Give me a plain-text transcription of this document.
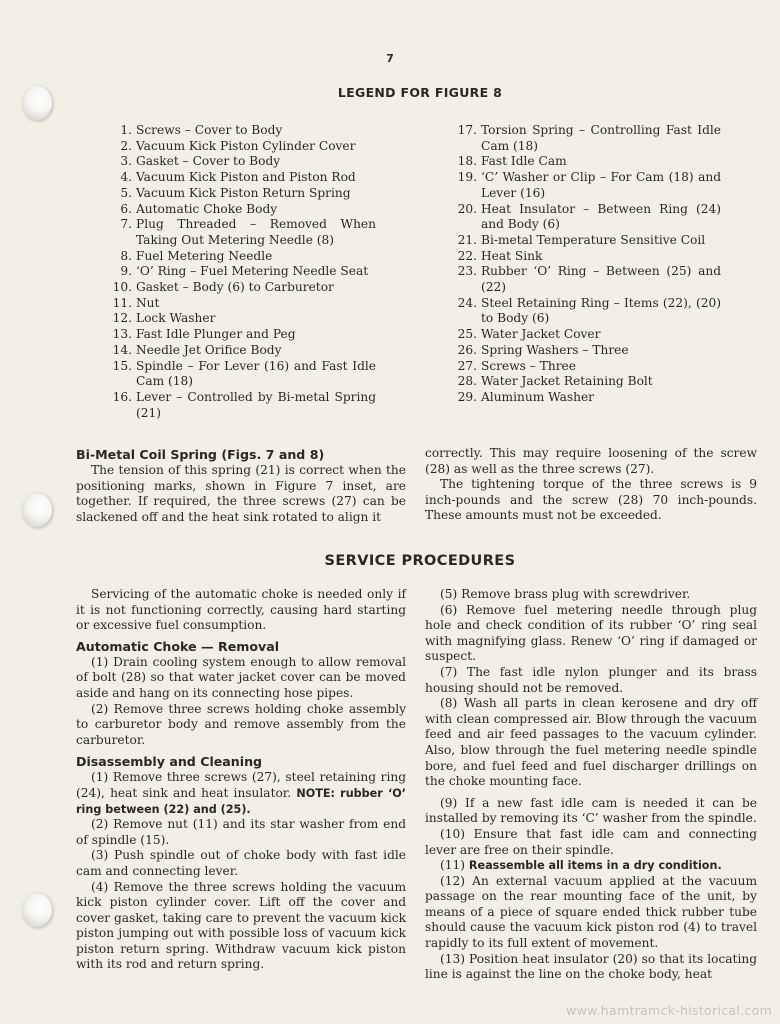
7
LEGEND FOR FIGURE 8
1. Screws – Cover to Body
2. Vacuum Kick Piston Cylinder Cover
3. Gasket – Cover to Body
4. Vacuum Kick Piston and Piston Rod
5. Vacuum Kick Piston Return Spring
6. Automatic Choke Body
7. Plug Threaded – Removed When Taking Out Metering Needle (8)
8. Fuel Metering Needle
9. ‘O’ Ring – Fuel Metering Needle Seat
10. Gasket – Body (6) to Carburetor
11. Nut
12. Lock Washer
13. Fast Idle Plunger and Peg
14. Needle Jet Orifice Body
15. Spindle – For Lever (16) and Fast Idle Cam (18)
16. Lever – Controlled by Bi-metal Spring (21)
17. Torsion Spring – Controlling Fast Idle Cam (18)
18. Fast Idle Cam
19. ‘C’ Washer or Clip – For Cam (18) and Lever (16)
20. Heat Insulator – Between Ring (24) and Body (6)
21. Bi-metal Temperature Sensitive Coil
22. Heat Sink
23. Rubber ‘O’ Ring – Between (25) and (22)
24. Steel Retaining Ring – Items (22), (20) to Body (6)
25. Water Jacket Cover
26. Spring Washers – Three
27. Screws – Three
28. Water Jacket Retaining Bolt
29. Aluminum Washer
Bi-Metal Coil Spring (Figs. 7 and 8)

The tension of this spring (21) is correct when the positioning marks, shown in Figure 7 inset, are together. If required, the three screws (27) can be slackened off and the heat sink rotated to align it

correctly. This may require loosening of the screw (28) as well as the three screws (27).

The tightening torque of the three screws is 9 inch-pounds and the screw (28) 70 inch-pounds. These amounts must not be exceeded.

SERVICE PROCEDURES

Servicing of the automatic choke is needed only if it is not functioning correctly, causing hard starting or excessive fuel consumption.

Automatic Choke — Removal

(1) Drain cooling system enough to allow removal of bolt (28) so that water jacket cover can be moved aside and hang on its connecting hose pipes.

(2) Remove three screws holding choke assembly to carburetor body and remove assembly from the carburetor.

Disassembly and Cleaning

(1) Remove three screws (27), steel retaining ring (24), heat sink and heat insulator. NOTE: rubber ‘O’ ring between (22) and (25).

(2) Remove nut (11) and its star washer from end of spindle (15).

(3) Push spindle out of choke body with fast idle cam and connecting lever.

(4) Remove the three screws holding the vacuum kick piston cylinder cover. Lift off the cover and cover gasket, taking care to prevent the vacuum kick piston jumping out with possible loss of vacuum kick piston return spring. Withdraw vacuum kick piston with its rod and return spring.

(5) Remove brass plug with screwdriver.

(6) Remove fuel metering needle through plug hole and check condition of its rubber ‘O’ ring seal with magnifying glass. Renew ‘O’ ring if damaged or suspect.

(7) The fast idle nylon plunger and its brass housing should not be removed.

(8) Wash all parts in clean kerosene and dry off with clean compressed air. Blow through the vacuum feed and air feed passages to the vacuum cylinder. Also, blow through the fuel metering needle spindle bore, and fuel feed and fuel discharger drillings on the choke mounting face.

(9) If a new fast idle cam is needed it can be installed by removing its ‘C’ washer from the spindle.

(10) Ensure that fast idle cam and connecting lever are free on their spindle.

(11) Reassemble all items in a dry condition.

(12) An external vacuum applied at the vacuum passage on the rear mounting face of the unit, by means of a piece of square ended thick rubber tube should cause the vacuum kick piston rod (4) to travel rapidly to its full extent of movement.

(13) Position heat insulator (20) so that its locating line is against the line on the choke body, heat

www.hamtramck-historical.com
